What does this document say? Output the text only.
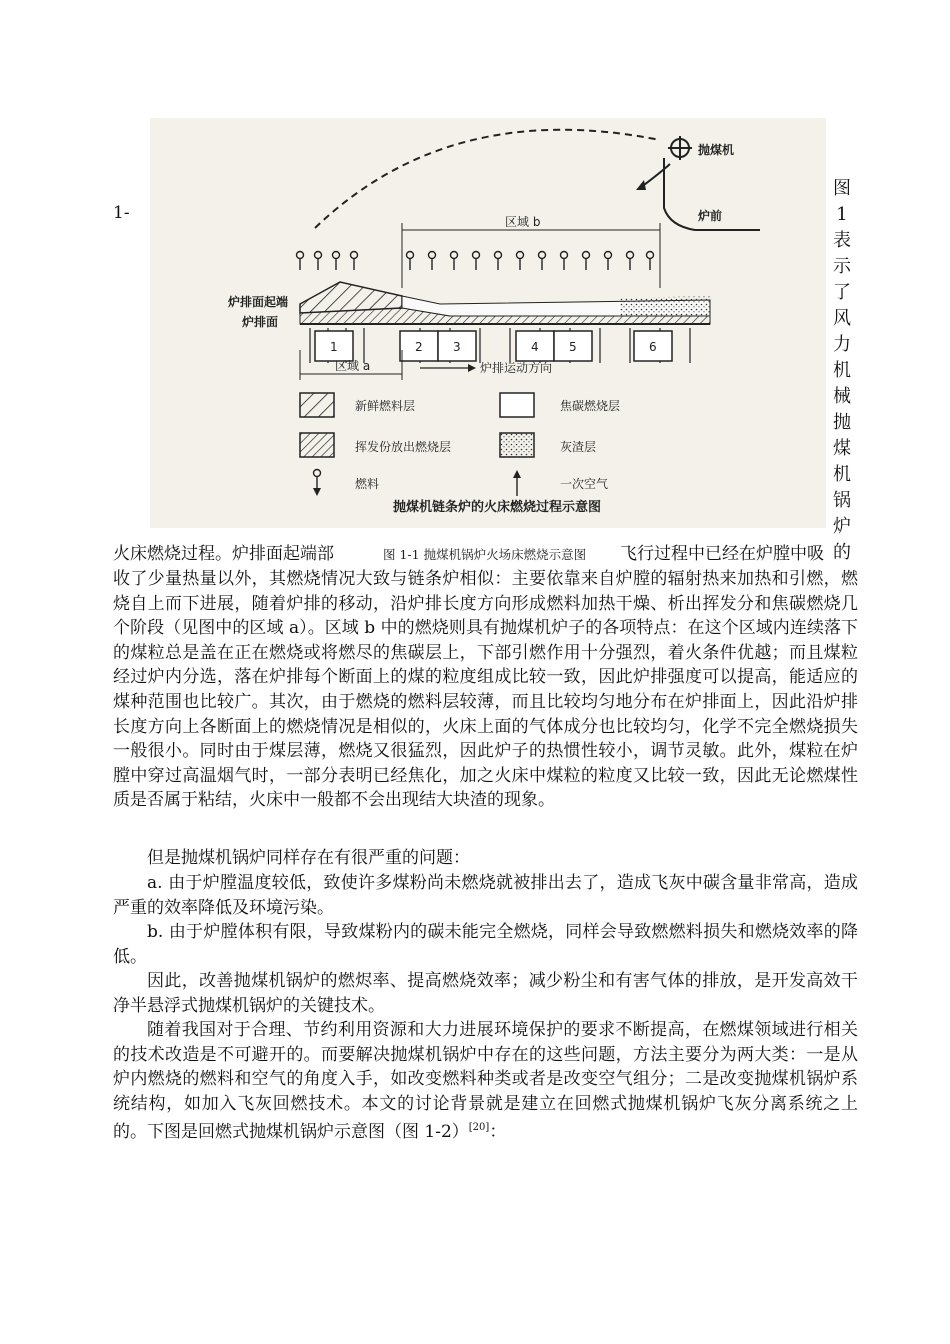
1-
抛煤机
炉前
区域 b
炉排面起端
炉排面
1	2	3	4	5	6
区域 a	炉排运动方向
新鲜燃料层	焦碳燃烧层
挥发份放出燃烧层	灰渣层
燃料	一次空气
抛煤机链条炉的火床燃烧过程示意图
图
1
表
示
了
风
力
机
械
抛
煤
机
锅
炉
的
火床燃烧过程。炉排面起端部	图 1-1 抛煤机锅炉火场床燃烧示意图 飞行过程中已经在炉膛中吸

收了少量热量以外，其燃烧情况大致与链条炉相似：主要依靠来自炉膛的辐射热来加热和引燃，燃烧自上而下进展，随着炉排的移动，沿炉排长度方向形成燃料加热干燥、析出挥发分和焦碳燃烧几个阶段（见图中的区域 a）。区域 b 中的燃烧则具有抛煤机炉子的各项特点：在这个区域内连续落下的煤粒总是盖在正在燃烧或将燃尽的焦碳层上，下部引燃作用十分强烈，着火条件优越；而且煤粒经过炉内分选，落在炉排每个断面上的煤的粒度组成比较一致，因此炉排强度可以提高，能适应的煤种范围也比较广。其次，由于燃烧的燃料层较薄，而且比较均匀地分布在炉排面上，因此沿炉排长度方向上各断面上的燃烧情况是相似的，火床上面的气体成分也比较均匀，化学不完全燃烧损失一般很小。同时由于煤层薄，燃烧又很猛烈，因此炉子的热惯性较小，调节灵敏。此外，煤粒在炉膛中穿过高温烟气时，一部分表明已经焦化，加之火床中煤粒的粒度又比较一致，因此无论燃煤性质是否属于粘结，火床中一般都不会出现结大块渣的现象。

但是抛煤机锅炉同样存在有很严重的问题：

a. 由于炉膛温度较低，致使许多煤粉尚未燃烧就被排出去了，造成飞灰中碳含量非常高，造成严重的效率降低及环境污染。

b. 由于炉膛体积有限，导致煤粉内的碳未能完全燃烧，同样会导致燃燃料损失和燃烧效率的降低。

因此，改善抛煤机锅炉的燃烬率、提高燃烧效率；减少粉尘和有害气体的排放，是开发高效干净半悬浮式抛煤机锅炉的关键技术。

随着我国对于合理、节约利用资源和大力进展环境保护的要求不断提高，在燃煤领域进行相关的技术改造是不可避开的。而要解决抛煤机锅炉中存在的这些问题，方法主要分为两大类：一是从炉内燃烧的燃料和空气的角度入手，如改变燃料种类或者是改变空气组分；二是改变抛煤机锅炉系统结构，如加入飞灰回燃技术。本文的讨论背景就是建立在回燃式抛煤机锅炉飞灰分离系统之上的。下图是回燃式抛煤机锅炉示意图（图 1-2）[20]：
